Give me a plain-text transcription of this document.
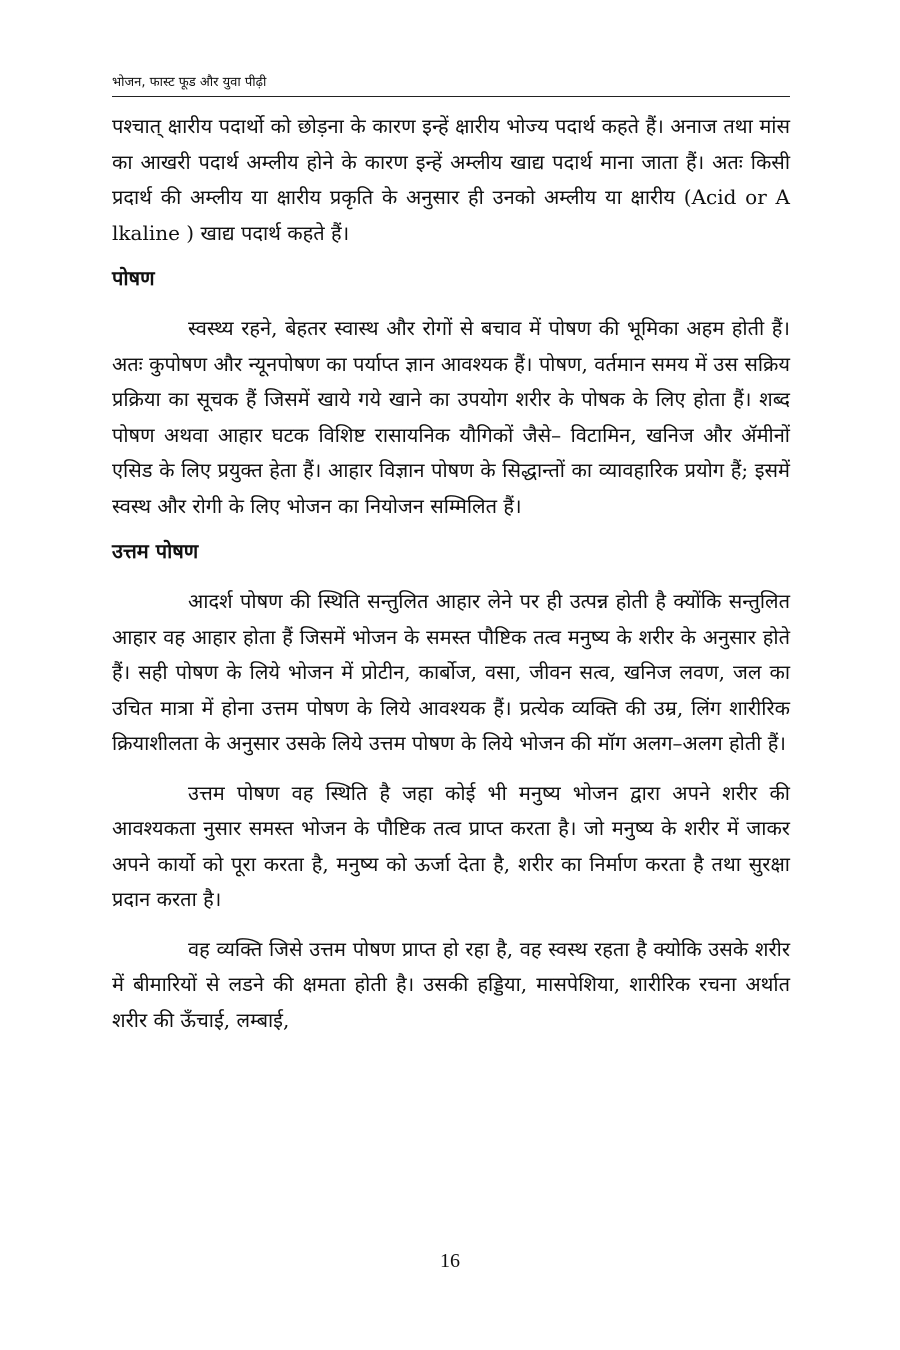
भोजन, फास्ट फूड और युवा पीढ़ी

पश्चात् क्षारीय पदार्थो को छोड़ना के कारण इन्हें क्षारीय भोज्य पदार्थ कहते हैं। अनाज तथा मांस का आखरी पदार्थ अम्लीय होने के कारण इन्हें अम्लीय खाद्य पदार्थ माना जाता हैं। अतः किसी प्रदार्थ की अम्लीय या क्षारीय प्रकृति के अनुसार ही उनको अम्लीय या क्षारीय (Acid or A lkaline ) खाद्य पदार्थ कहते हैं।

पोषण

स्वस्थ्य रहने, बेहतर स्वास्थ और रोगों से बचाव में पोषण की भूमिका अहम होती हैं। अतः कुपोषण और न्यूनपोषण का पर्याप्त ज्ञान आवश्यक हैं। पोषण, वर्तमान समय में उस सक्रिय प्रक्रिया का सूचक हैं जिसमें खाये गये खाने का उपयोग शरीर के पोषक के लिए होता हैं। शब्द पोषण अथवा आहार घटक विशिष्ट रासायनिक यौगिकों जैसे– विटामिन, खनिज और ॲमीनों एसिड के लिए प्रयुक्त हेता हैं। आहार विज्ञान पोषण के सिद्धान्तों का व्यावहारिक प्रयोग हैं; इसमें स्वस्थ और रोगी के लिए भोजन का नियोजन सम्मिलित हैं।

उत्तम पोषण

आदर्श पोषण की स्थिति सन्तुलित आहार लेने पर ही उत्पन्न होती है क्योंकि सन्तुलित आहार वह आहार होता हैं जिसमें भोजन के समस्त पौष्टिक तत्व मनुष्य के शरीर के अनुसार होते हैं। सही पोषण के लिये भोजन में प्रोटीन, कार्बोज, वसा, जीवन सत्व, खनिज लवण, जल का उचित मात्रा में होना उत्तम पोषण के लिये आवश्यक हैं। प्रत्येक व्यक्ति की उम्र, लिंग शारीरिक क्रियाशीलता के अनुसार उसके लिये उत्तम पोषण के लिये भोजन की मॉग अलग–अलग होती हैं।

उत्तम पोषण वह स्थिति है जहा कोई भी मनुष्य भोजन द्वारा अपने शरीर की आवश्यकता नुसार समस्त भोजन के पौष्टिक तत्व प्राप्त करता है। जो मनुष्य के शरीर में जाकर अपने कार्यो को पूरा करता है, मनुष्य को ऊर्जा देता है, शरीर का निर्माण करता है तथा सुरक्षा प्रदान करता है।

वह व्यक्ति जिसे उत्तम पोषण प्राप्त हो रहा है, वह स्वस्थ रहता है क्योकि उसके शरीर में बीमारियों से लडने की क्षमता होती है। उसकी हड्डिया, मासपेशिया, शारीरिक रचना अर्थात शरीर की ऊँचाई, लम्बाई,

16
